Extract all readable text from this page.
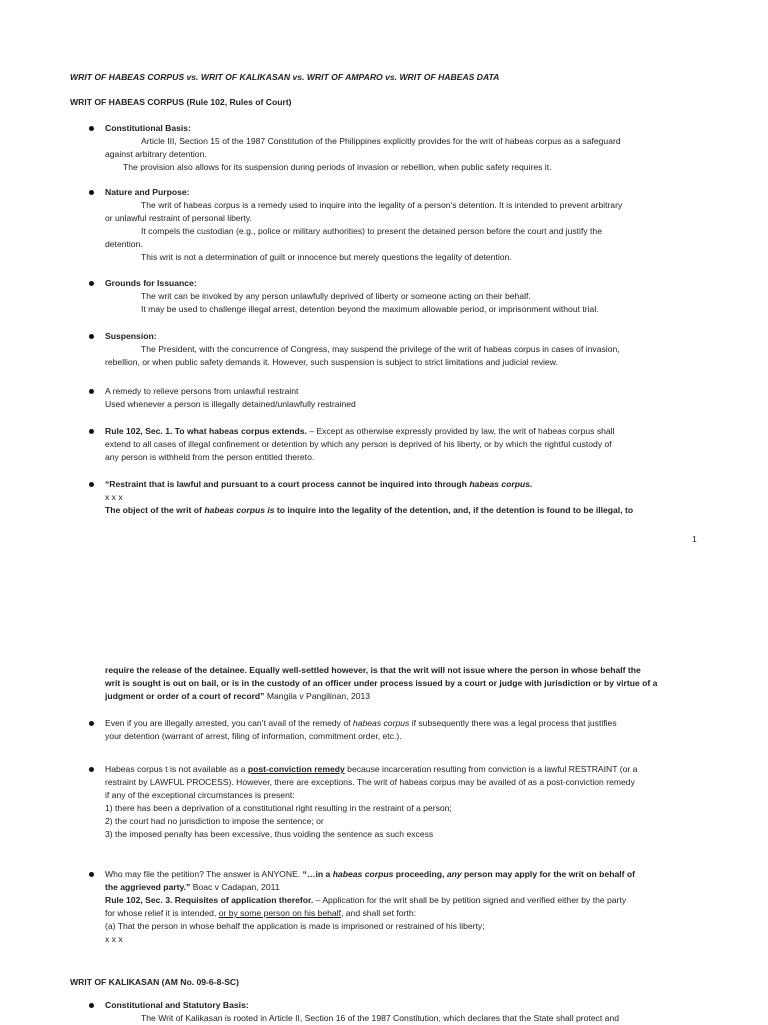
WRIT OF HABEAS CORPUS vs. WRIT OF KALIKASAN vs. WRIT OF AMPARO vs. WRIT OF HABEAS DATA

WRIT OF HABEAS CORPUS (Rule 102, Rules of Court)

Constitutional Basis:

Article III, Section 15 of the 1987 Constitution of the Philippines explicitly provides for the writ of habeas corpus as a safeguard

against arbitrary detention.

The provision also allows for its suspension during periods of invasion or rebellion, when public safety requires it.

Nature and Purpose:

The writ of habeas corpus is a remedy used to inquire into the legality of a person's detention. It is intended to prevent arbitrary

or unlawful restraint of personal liberty.

It compels the custodian (e.g., police or military authorities) to present the detained person before the court and justify the

detention.

This writ is not a determination of guilt or innocence but merely questions the legality of detention.

Grounds for Issuance:

The writ can be invoked by any person unlawfully deprived of liberty or someone acting on their behalf.

It may be used to challenge illegal arrest, detention beyond the maximum allowable period, or imprisonment without trial.

Suspension:

The President, with the concurrence of Congress, may suspend the privilege of the writ of habeas corpus in cases of invasion,

rebellion, or when public safety demands it. However, such suspension is subject to strict limitations and judicial review.

A remedy to relieve persons from unlawful restraint

Used whenever a person is illegally detained/unlawfully restrained

Rule 102, Sec. 1. To what habeas corpus extends. – Except as otherwise expressly provided by law, the writ of habeas corpus shall

extend to all cases of illegal confinement or detention by which any person is deprived of his liberty, or by which the rightful custody of

any person is withheld from the person entitled thereto.

“Restraint that is lawful and pursuant to a court process cannot be inquired into through habeas corpus.

x x x

The object of the writ of habeas corpus is to inquire into the legality of the detention, and, if the detention is found to be illegal, to

1

require the release of the detainee. Equally well-settled however, is that the writ will not issue where the person in whose behalf the

writ is sought is out on bail, or is in the custody of an officer under process issued by a court or judge with jurisdiction or by virtue of a

judgment or order of a court of record” Mangila v Pangilinan, 2013

Even if you are illegally arrested, you can’t avail of the remedy of habeas corpus if subsequently there was a legal process that justifies

your detention (warrant of arrest, filing of information, commitment order, etc.).

Habeas corpus t is not available as a post-conviction remedy because incarceration resulting from conviction is a lawful RESTRAINT (or a

restraint by LAWFUL PROCESS). However, there are exceptions. The writ of habeas corpus may be availed of as a post-conviction remedy

if any of the exceptional circumstances is present:

1) there has been a deprivation of a constitutional right resulting in the restraint of a person;

2) the court had no jurisdiction to impose the sentence; or

3) the imposed penalty has been excessive, thus voiding the sentence as such excess

Who may file the petition? The answer is ANYONE. “…in a habeas corpus proceeding, any person may apply for the writ on behalf of

the aggrieved party.” Boac v Cadapan, 2011

Rule 102, Sec. 3. Requisites of application therefor. – Application for the writ shall be by petition signed and verified either by the party

for whose relief it is intended, or by some person on his behalf, and shall set forth:

(a) That the person in whose behalf the application is made is imprisoned or restrained of his liberty;

x x x

WRIT OF KALIKASAN (AM No. 09-6-8-SC)

Constitutional and Statutory Basis:

The Writ of Kalikasan is rooted in Article II, Section 16 of the 1987 Constitution, which declares that the State shall protect and
